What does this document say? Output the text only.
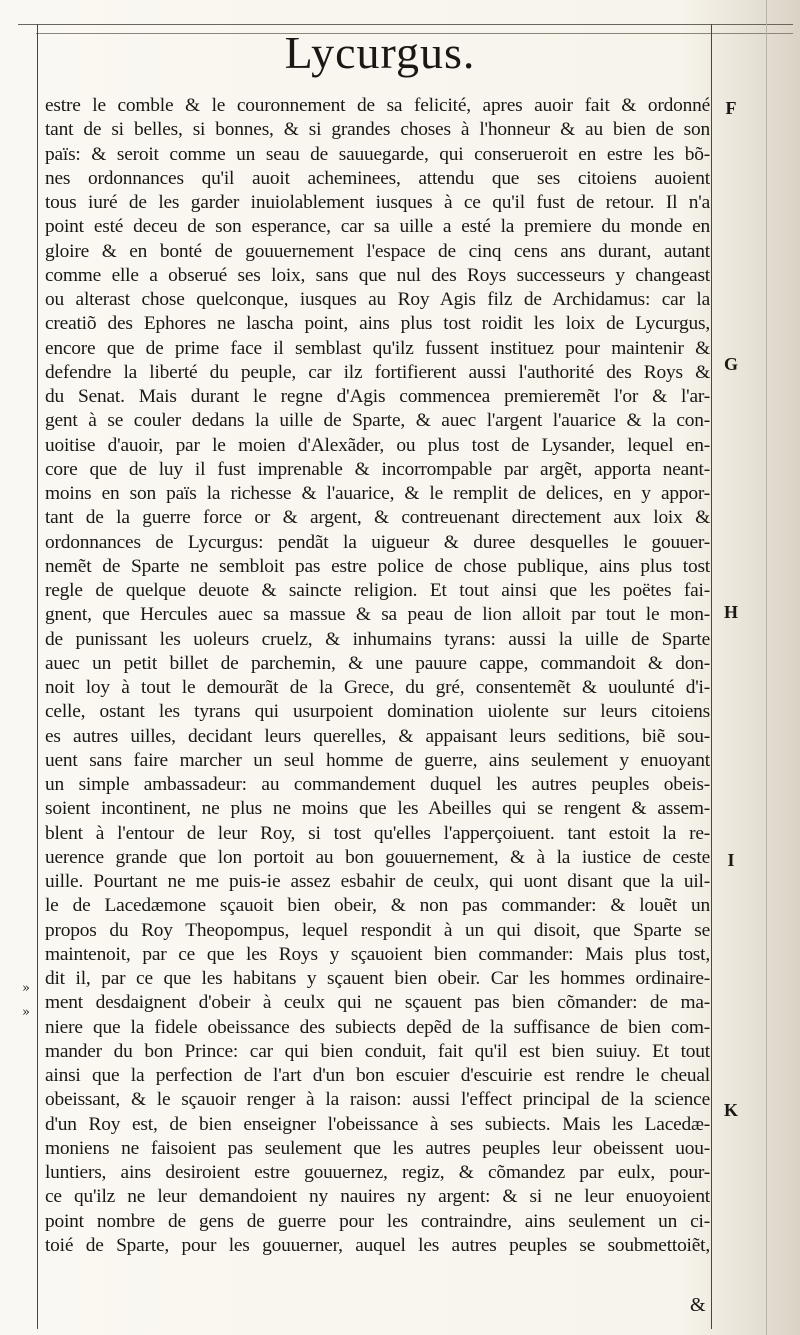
Lycurgus.
estre le comble & le couronnement de sa felicité, apres auoir fait & ordonné
tant de si belles, si bonnes, & si grandes choses à l'honneur & au bien de son
païs: & seroit comme un seau de sauuegarde, qui conserueroit en estre les bõ-
nes ordonnances qu'il auoit acheminees, attendu que ses citoiens auoient
tous iuré de les garder inuiolablement iusques à ce qu'il fust de retour. Il n'a
point esté deceu de son esperance, car sa uille a esté la premiere du monde en
gloire & en bonté de gouuernement l'espace de cinq cens ans durant, autant
comme elle a obserué ses loix, sans que nul des Roys successeurs y changeast
ou alterast chose quelconque, iusques au Roy Agis filz de Archidamus: car la
creatiõ des Ephores ne lascha point, ains plus tost roidit les loix de Lycurgus,
encore que de prime face il semblast qu'ilz fussent instituez pour maintenir &
defendre la liberté du peuple, car ilz fortifierent aussi l'authorité des Roys &
du Senat. Mais durant le regne d'Agis commencea premieremẽt l'or & l'ar-
gent à se couler dedans la uille de Sparte, & auec l'argent l'auarice & la con-
uoitise d'auoir, par le moien d'Alexãder, ou plus tost de Lysander, lequel en-
core que de luy il fust imprenable & incorrompable par argẽt, apporta neant-
moins en son païs la richesse & l'auarice, & le remplit de delices, en y appor-
tant de la guerre force or & argent, & contreuenant directement aux loix &
ordonnances de Lycurgus: pendãt la uigueur & duree desquelles le gouuer-
nemẽt de Sparte ne sembloit pas estre police de chose publique, ains plus tost
regle de quelque deuote & saincte religion. Et tout ainsi que les poëtes fai-
gnent, que Hercules auec sa massue & sa peau de lion alloit par tout le mon-
de punissant les uoleurs cruelz, & inhumains tyrans: aussi la uille de Sparte
auec un petit billet de parchemin, & une pauure cappe, commandoit & don-
noit loy à tout le demourãt de la Grece, du gré, consentemẽt & uoulunté d'i-
celle, ostant les tyrans qui usurpoient domination uiolente sur leurs citoiens
es autres uilles, decidant leurs querelles, & appaisant leurs seditions, biẽ sou-
uent sans faire marcher un seul homme de guerre, ains seulement y enuoyant
un simple ambassadeur: au commandement duquel les autres peuples obeis-
soient incontinent, ne plus ne moins que les Abeilles qui se rengent & assem-
blent à l'entour de leur Roy, si tost qu'elles l'apperçoiuent. tant estoit la re-
uerence grande que lon portoit au bon gouuernement, & à la iustice de ceste
uille. Pourtant ne me puis-ie assez esbahir de ceulx, qui uont disant que la uil-
le de Lacedæmone sçauoit bien obeir, & non pas commander: & louẽt un
propos du Roy Theopompus, lequel respondit à un qui disoit, que Sparte se
maintenoit, par ce que les Roys y sçauoient bien commander: Mais plus tost,
dit il, par ce que les habitans y sçauent bien obeir. Car les hommes ordinaire-
ment desdaignent d'obeir à ceulx qui ne sçauent pas bien cõmander: de ma-
niere que la fidele obeissance des subiects depẽd de la suffisance de bien com-
mander du bon Prince: car qui bien conduit, fait qu'il est bien suiuy. Et tout
ainsi que la perfection de l'art d'un bon escuier d'escuirie est rendre le cheual
obeissant, & le sçauoir renger à la raison: aussi l'effect principal de la science
d'un Roy est, de bien enseigner l'obeissance à ses subiects. Mais les Lacedæ-
moniens ne faisoient pas seulement que les autres peuples leur obeissent uou-
luntiers, ains desiroient estre gouuernez, regiz, & cõmandez par eulx, pour-
ce qu'ilz ne leur demandoient ny nauires ny argent: & si ne leur enuoyoient
point nombre de gens de guerre pour les contraindre, ains seulement un ci-
toié de Sparte, pour les gouuerner, auquel les autres peuples se soubmettoiẽt,
F
G
H
I
K
»
»
&
